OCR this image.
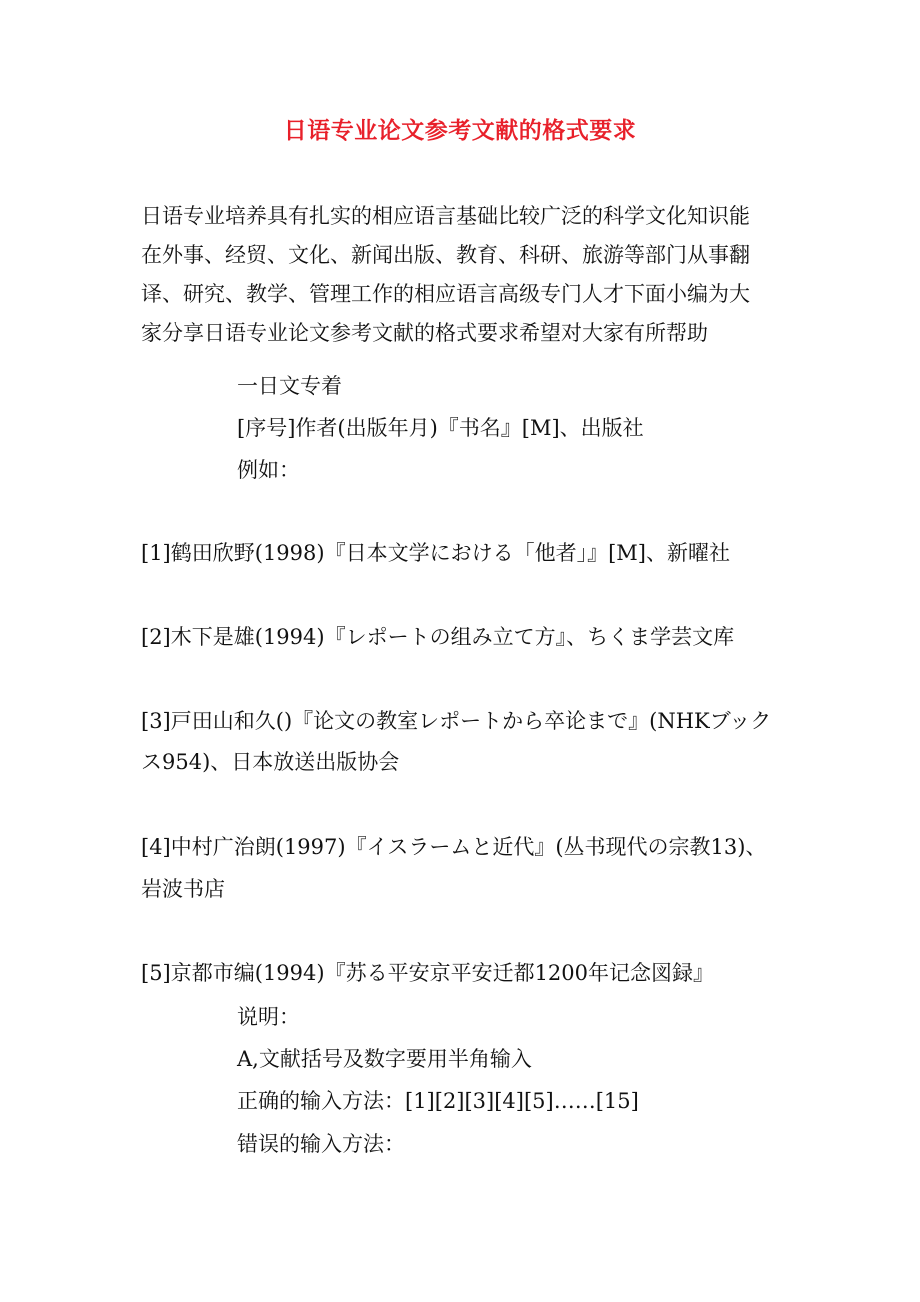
日语专业论文参考文献的格式要求
日语专业培养具有扎实的相应语言基础比较广泛的科学文化知识能
在外事、经贸、文化、新闻出版、教育、科研、旅游等部门从事翻
译、研究、教学、管理工作的相应语言高级专门人才下面小编为大
家分享日语专业论文参考文献的格式要求希望对大家有所帮助
一日文专着
[序号]作者(出版年月)『书名』[M]、出版社
例如：
[1]鹤田欣野(1998)『日本文学における「他者」』[M]、新曜社
[2]木下是雄(1994)『レポートの组み立て方』、ちくま学芸文库
[3]戸田山和久()『论文の教室レポートから卒论まで』(NHKブック
ス954)、日本放送出版协会
[4]中村广治朗(1997)『イスラームと近代』(丛书现代の宗教13)、
岩波书店
[5]京都市编(1994)『苏る平安京平安迁都1200年记念図録』
说明：
A,文献括号及数字要用半角输入
正确的输入方法：[1][2][3][4][5]……[15]
错误的输入方法：
